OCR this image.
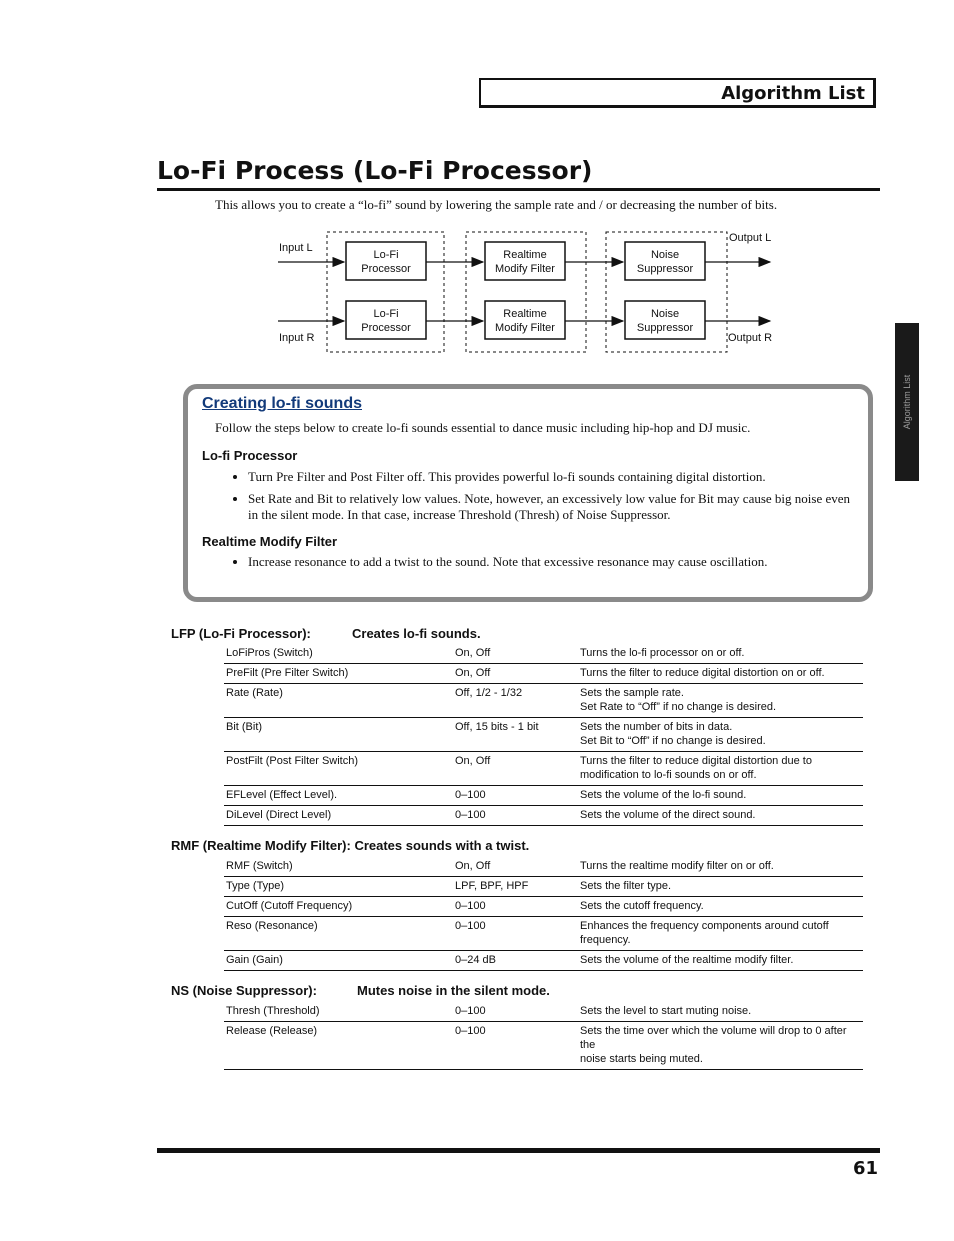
Algorithm List
Lo-Fi Process (Lo-Fi Processor)
This allows you to create a “lo-fi” sound by lowering the sample rate and / or decreasing the number of bits.
Input L
Input R
Output L
Output R
Lo-Fi
Processor
Realtime
Modify Filter
Noise
Suppressor
Lo-Fi
Processor
Realtime
Modify Filter
Noise
Suppressor
Algorithm List
Creating lo-fi sounds
Follow the steps below to create lo-fi sounds essential to dance music including hip-hop and DJ music.
Lo-fi Processor
• Turn Pre Filter and Post Filter off. This provides powerful lo-fi sounds containing digital distortion.
• Set Rate and Bit to relatively low values. Note, however, an excessively low value for Bit may cause big noise even in the silent mode. In that case, increase Threshold (Thresh) of Noise Suppressor.
Realtime Modify Filter
• Increase resonance to add a twist to the sound. Note that excessive resonance may cause oscillation.
LFP (Lo-Fi Processor):	Creates lo-fi sounds.
LoFiPros (Switch)	On, Off	Turns the lo-fi processor on or off.
PreFilt (Pre Filter Switch)	On, Off	Turns the filter to reduce digital distortion on or off.
Rate (Rate)	Off, 1/2 - 1/32	Sets the sample rate.
Set Rate to “Off” if no change is desired.

Bit (Bit)	Off, 15 bits - 1 bit	Sets the number of bits in data.
Set Bit to “Off” if no change is desired.

PostFilt (Post Filter Switch)	On, Off	Turns the filter to reduce digital distortion due to
modification to lo-fi sounds on or off.

EFLevel (Effect Level).	0–100	Sets the volume of the lo-fi sound.
DiLevel (Direct Level)	0–100	Sets the volume of the direct sound.
RMF (Realtime Modify Filter): Creates sounds with a twist.
RMF (Switch)	On, Off	Turns the realtime modify filter on or off.
Type (Type)	LPF, BPF, HPF	Sets the filter type.
CutOff (Cutoff Frequency)	0–100	Sets the cutoff frequency.
Reso (Resonance)	0–100	Enhances the frequency components around cutoff
frequency.

Gain (Gain)	0–24 dB	Sets the volume of the realtime modify filter.
NS (Noise Suppressor):	Mutes noise in the silent mode.
Thresh (Threshold)	0–100	Sets the level to start muting noise.
Release (Release)	0–100	Sets the time over which the volume will drop to 0 after the
noise starts being muted.
61
